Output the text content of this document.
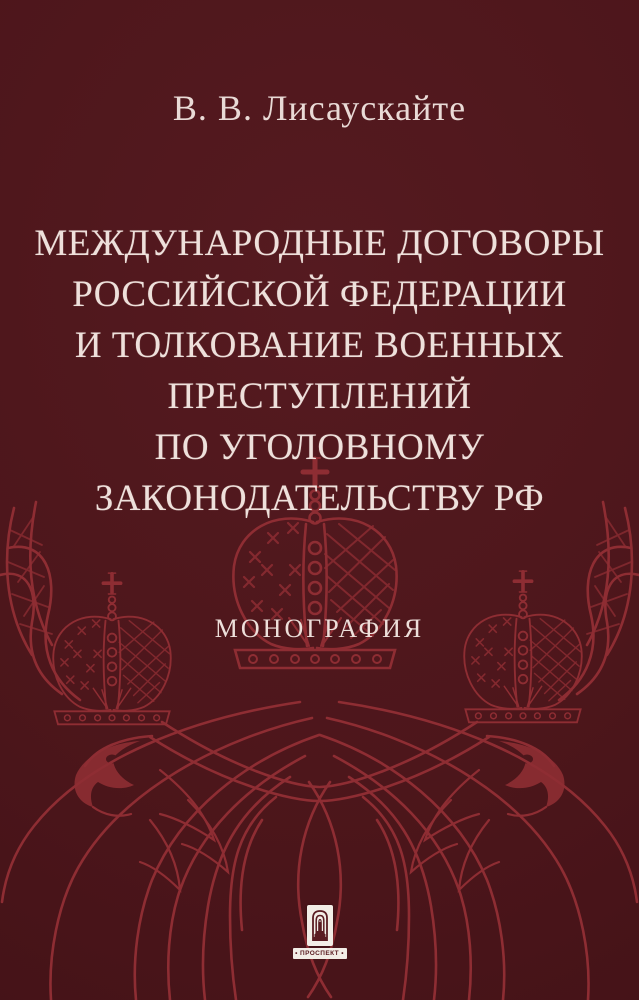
В. В. Лисаускайте
МЕЖДУНАРОДНЫЕ ДОГОВОРЫ
РОССИЙСКОЙ ФЕДЕРАЦИИ
И ТОЛКОВАНИЕ ВОЕННЫХ
ПРЕСТУПЛЕНИЙ
ПО УГОЛОВНОМУ
ЗАКОНОДАТЕЛЬСТВУ РФ
МОНОГРАФИЯ
• ПРОСПЕКТ •
